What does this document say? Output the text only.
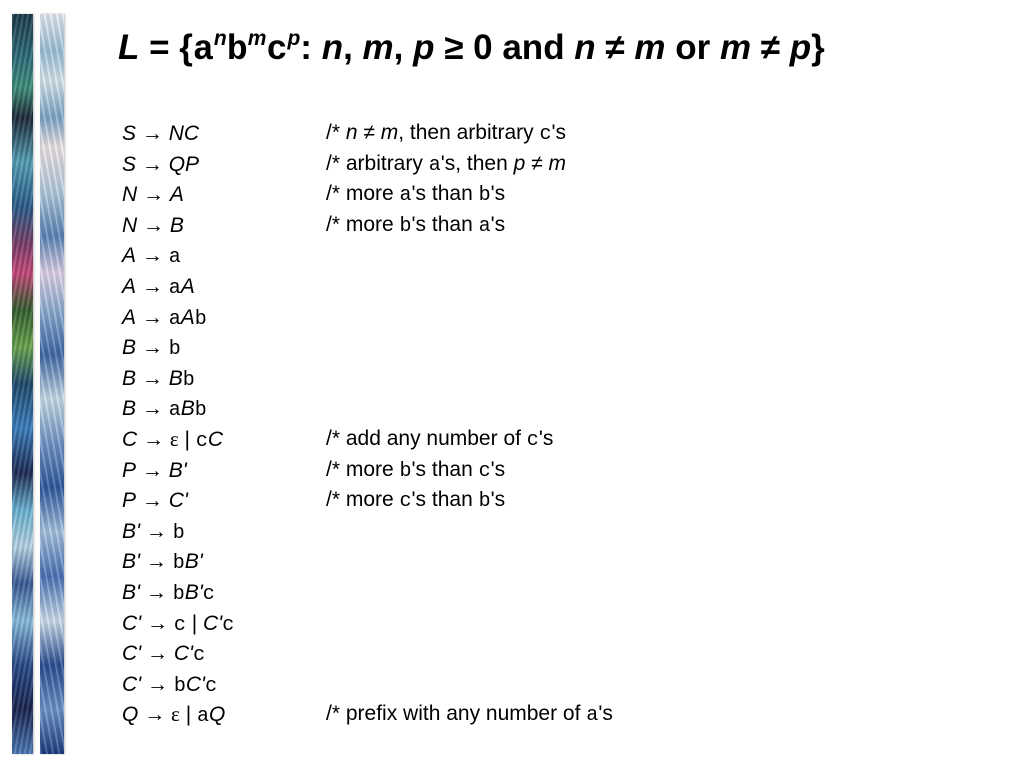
$L = \{a^nb^mc^p$: n, m, p ≥ 0 and n ≠ m or m ≠ p}
S → NC	/* n ≠ m, then arbitrary c's
S → QP	/* arbitrary a's, then p ≠ m
N → A	/* more a's than b's
N → B	/* more b's than a's
A → a
A → aA
A → aAb
B → b
B → Bb
B → aBb
C → ε | cC	/* add any number of c's
P → B'	/* more b's than c's
P → C'	/* more c's than b's
B' → b
B' → bB'
B' → bB'c
C' → c | C'c
C' → C'c
C' → bC'c
Q → ε | aQ	/* prefix with any number of a's
